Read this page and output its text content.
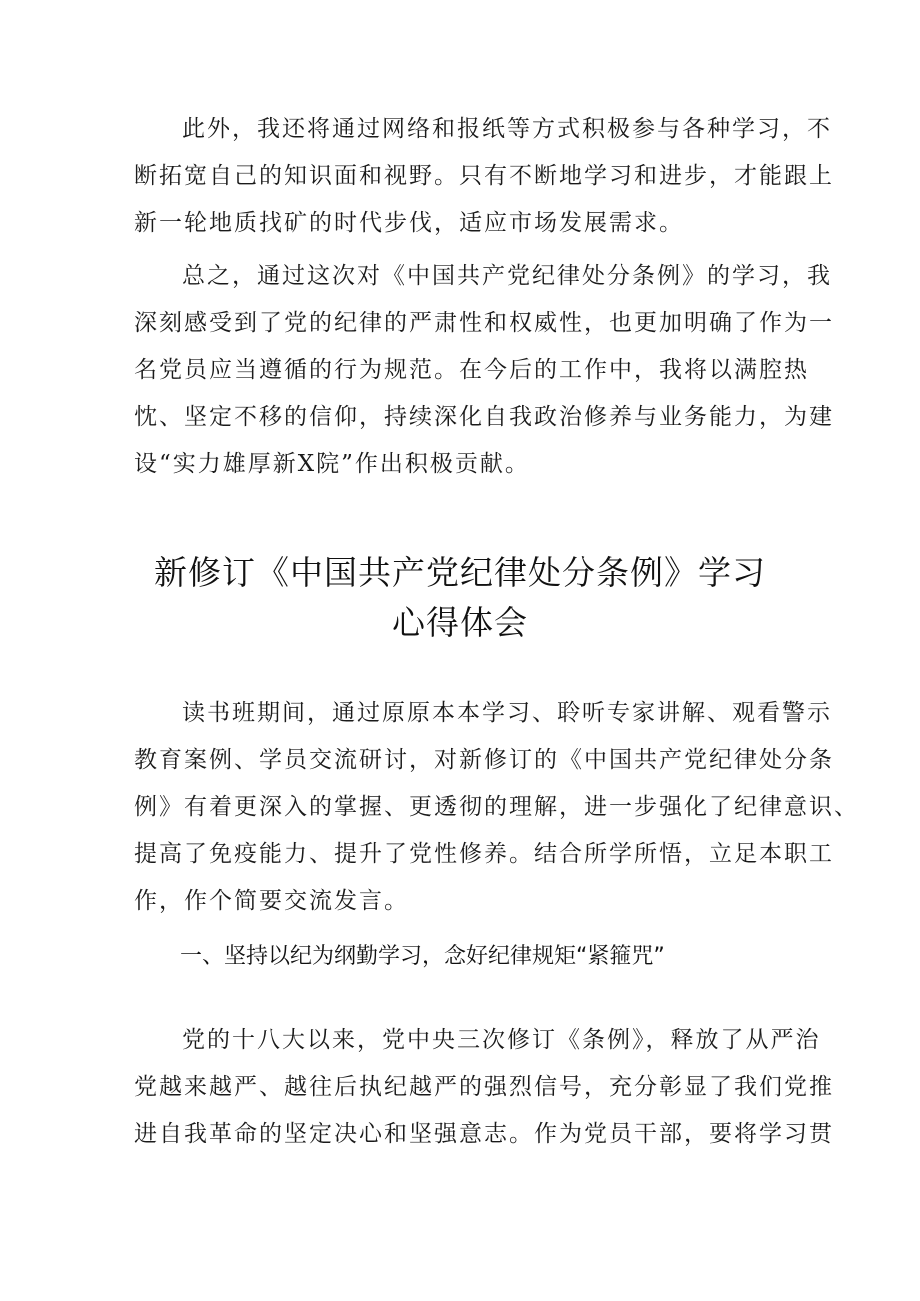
此外，我还将通过网络和报纸等方式积极参与各种学习，不
断拓宽自己的知识面和视野。只有不断地学习和进步，才能跟上
新一轮地质找矿的时代步伐，适应市场发展需求。
总之，通过这次对《中国共产党纪律处分条例》的学习，我
深刻感受到了党的纪律的严肃性和权威性，也更加明确了作为一
名党员应当遵循的行为规范。在今后的工作中，我将以满腔热
忱、坚定不移的信仰，持续深化自我政治修养与业务能力，为建
设“实力雄厚新X院”作出积极贡献。
新修订《中国共产党纪律处分条例》学习
心得体会
读书班期间，通过原原本本学习、聆听专家讲解、观看警示
教育案例、学员交流研讨，对新修订的《中国共产党纪律处分条
例》有着更深入的掌握、更透彻的理解，进一步强化了纪律意识、
提高了免疫能力、提升了党性修养。结合所学所悟，立足本职工
作，作个简要交流发言。
一、坚持以纪为纲勤学习，念好纪律规矩“紧箍咒”
党的十八大以来，党中央三次修订《条例》，释放了从严治
党越来越严、越往后执纪越严的强烈信号，充分彰显了我们党推
进自我革命的坚定决心和坚强意志。作为党员干部，要将学习贯
